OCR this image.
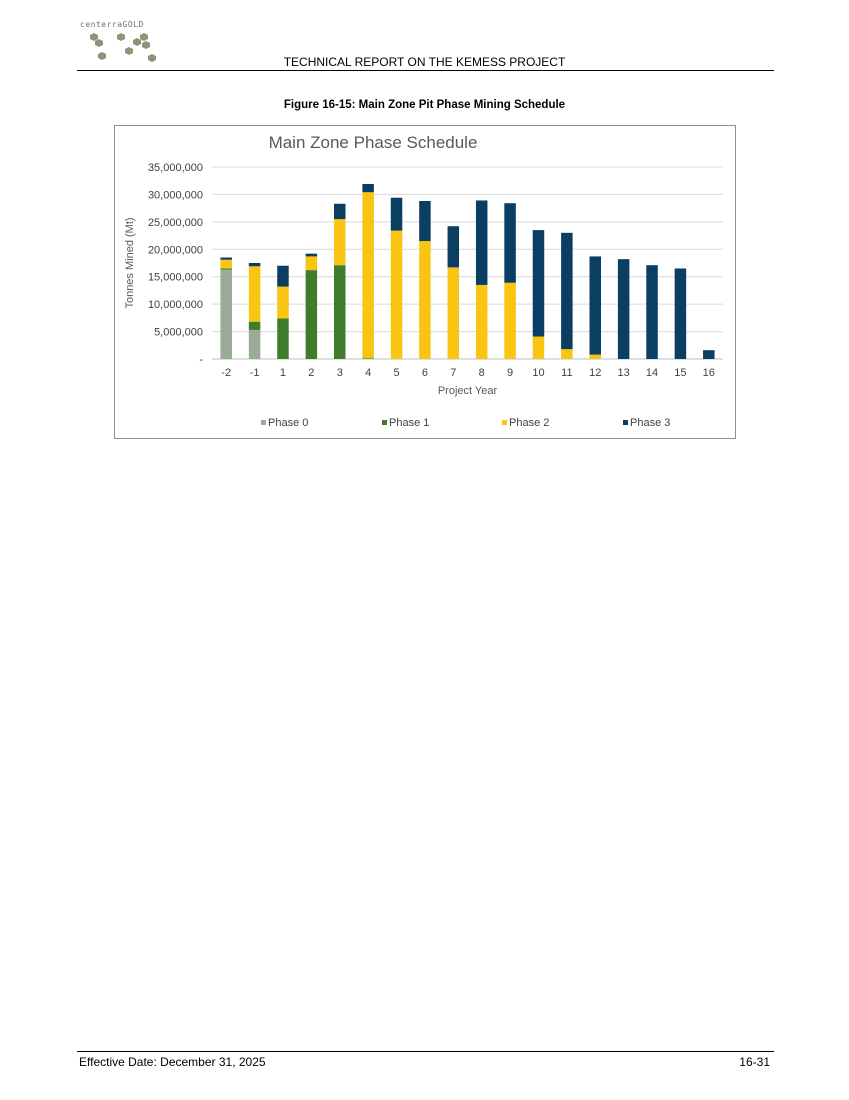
centerraGOLD
TECHNICAL REPORT ON THE KEMESS PROJECT
Figure 16-15: Main Zone Pit Phase Mining Schedule
Main Zone Phase Schedule
-
5,000,000
10,000,000
15,000,000
20,000,000
25,000,000
30,000,000
35,000,000
Tonnes Mined (Mt)
-2 -1 1 2 3 4 5 6 7 8 9 10 11 12 13 14 15 16
Project Year
Phase 0	Phase 1	Phase 2	Phase 3
Effective Date: December 31, 2025	16-31
